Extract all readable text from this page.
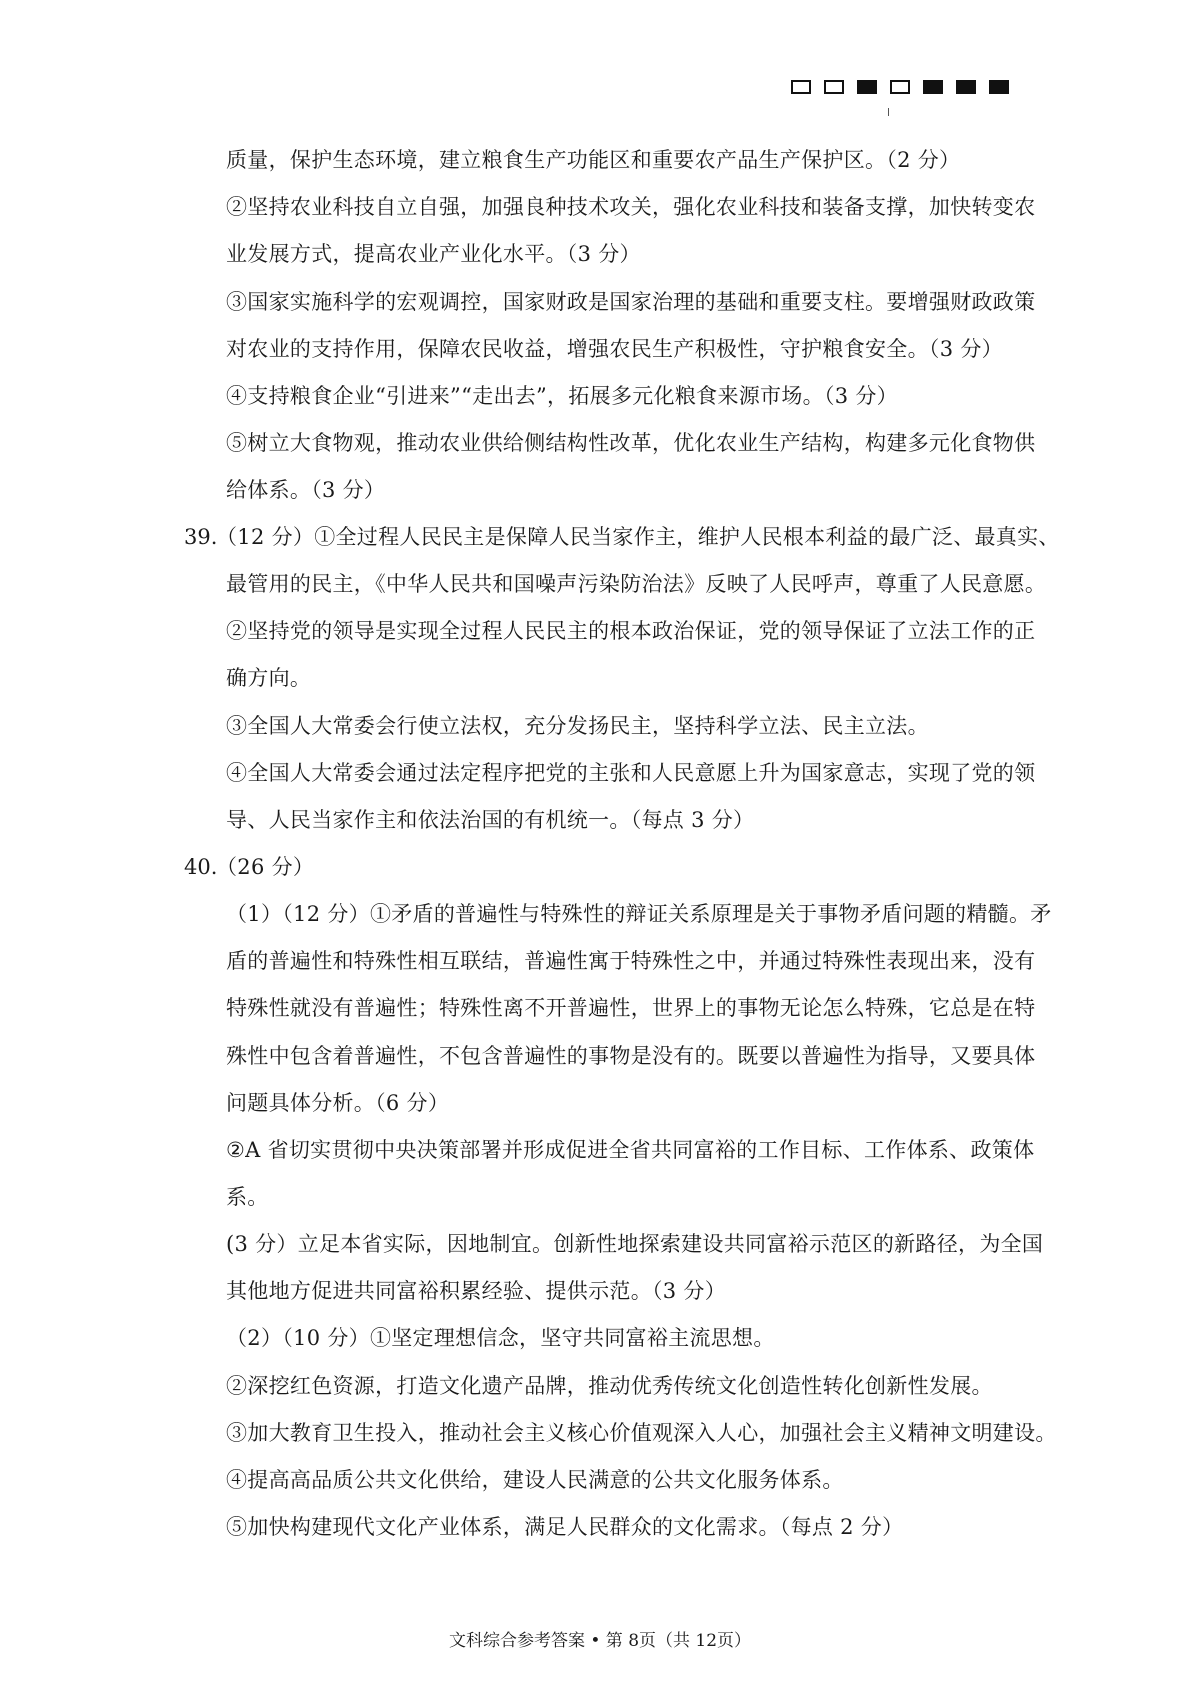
质量，保护生态环境，建立粮食生产功能区和重要农产品生产保护区。（2 分）
②坚持农业科技自立自强，加强良种技术攻关，强化农业科技和装备支撑，加快转变农
业发展方式，提高农业产业化水平。（3 分）
③国家实施科学的宏观调控，国家财政是国家治理的基础和重要支柱。要增强财政政策
对农业的支持作用，保障农民收益，增强农民生产积极性，守护粮食安全。（3 分）
④支持粮食企业“引进来”“走出去”，拓展多元化粮食来源市场。（3 分）
⑤树立大食物观，推动农业供给侧结构性改革，优化农业生产结构，构建多元化食物供
给体系。（3 分）
39.
（12 分）①全过程人民民主是保障人民当家作主，维护人民根本利益的最广泛、最真实、
最管用的民主，《中华人民共和国噪声污染防治法》反映了人民呼声，尊重了人民意愿。
②坚持党的领导是实现全过程人民民主的根本政治保证，党的领导保证了立法工作的正
确方向。
③全国人大常委会行使立法权，充分发扬民主，坚持科学立法、民主立法。
④全国人大常委会通过法定程序把党的主张和人民意愿上升为国家意志，实现了党的领
导、人民当家作主和依法治国的有机统一。（每点 3 分）
40.
（26 分）
（1）（12 分）①矛盾的普遍性与特殊性的辩证关系原理是关于事物矛盾问题的精髓。矛
盾的普遍性和特殊性相互联结，普遍性寓于特殊性之中，并通过特殊性表现出来，没有
特殊性就没有普遍性；特殊性离不开普遍性，世界上的事物无论怎么特殊，它总是在特
殊性中包含着普遍性，不包含普遍性的事物是没有的。既要以普遍性为指导，又要具体
问题具体分析。（6 分）
②A 省切实贯彻中央决策部署并形成促进全省共同富裕的工作目标、工作体系、政策体
系。
(3 分）立足本省实际，因地制宜。创新性地探索建设共同富裕示范区的新路径，为全国
其他地方促进共同富裕积累经验、提供示范。（3 分）
（2）（10 分）①坚定理想信念，坚守共同富裕主流思想。
②深挖红色资源，打造文化遗产品牌，推动优秀传统文化创造性转化创新性发展。
③加大教育卫生投入，推动社会主义核心价值观深入人心，加强社会主义精神文明建设。
④提高高品质公共文化供给，建设人民满意的公共文化服务体系。
⑤加快构建现代文化产业体系，满足人民群众的文化需求。（每点 2 分）
文科综合参考答案 • 第 8页（共 12页）
